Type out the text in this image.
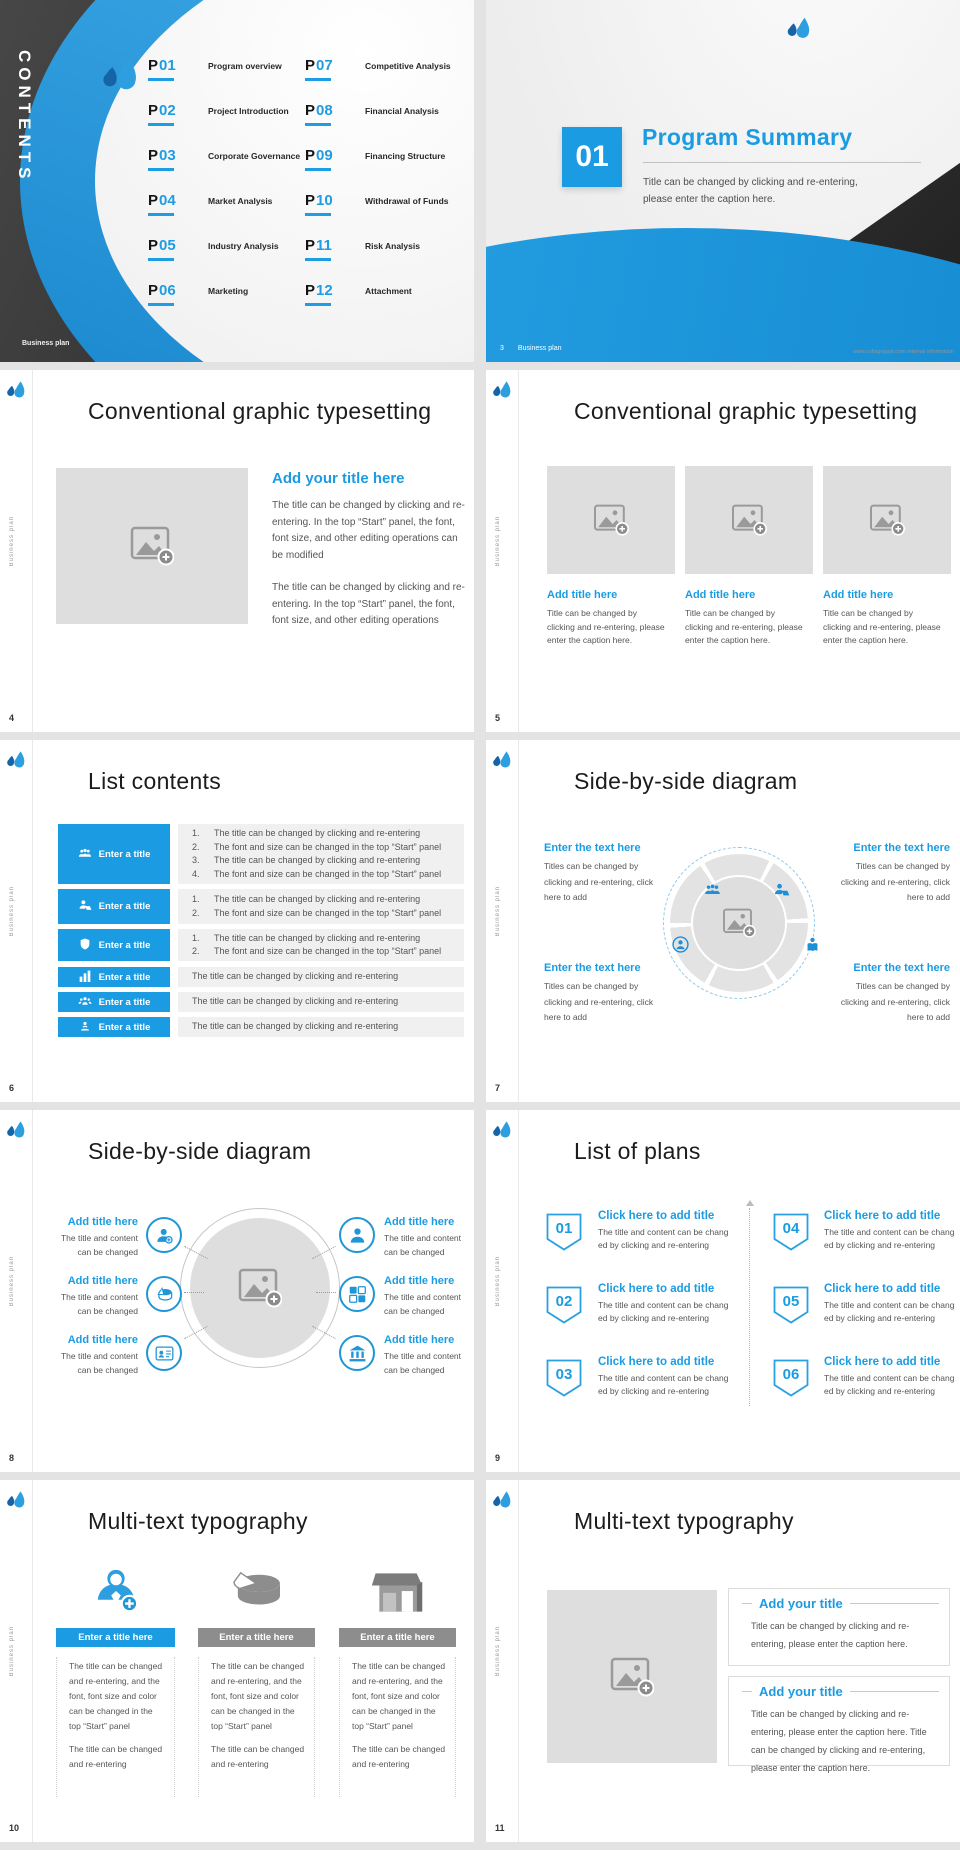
CONTENTS	P 01	Program overview
P 02	Project Introduction
P 03	Corporate Governance
P 04	Market Analysis
P 05	Industry Analysis
P 06	Marketing
P 07	Competitive Analysis
P 08	Financial Analysis
P 09	Financing Structure
P 10	Withdrawal of Funds
P 11	Risk Analysis
P 12	Attachment
Business plan
01
Program Summary
Title can be changed by clicking and re-entering,
please enter the caption here.
3 Business plan	www.collagegypt.com internal information
Business plan
Conventional graphic typesetting
Add your title here

The title can be changed by clicking and re-entering. In the top “Start” panel, the font, font size, and other editing operations can be modified

The title can be changed by clicking and re-entering. In the top “Start” panel, the font, font size, and other editing operations

4
Business plan
Conventional graphic typesetting
Add title here
Title can be changed by clicking and re-entering, please enter the caption here.
Add title here
Title can be changed by clicking and re-entering, please enter the caption here.
Add title here
Title can be changed by clicking and re-entering, please enter the caption here.
5
Business plan
List contents
Enter a title
1.	The title can be changed by clicking and re-entering
2.	The font and size can be changed in the top “Start” panel
3.	The title can be changed by clicking and re-entering
4.	The font and size can be changed in the top “Start” panel
Enter a title
1.	The title can be changed by clicking and re-entering
2.	The font and size can be changed in the top “Start” panel
Enter a title
1.	The title can be changed by clicking and re-entering
2.	The font and size can be changed in the top “Start” panel
Enter a title	The title can be changed by clicking and re-entering
Enter a title	The title can be changed by clicking and re-entering
Enter a title	The title can be changed by clicking and re-entering
6
Business plan
Side-by-side diagram
Enter the text here

Titles can be changed by clicking and re-entering, click here to add

Enter the text here

Titles can be changed by clicking and re-entering, click here to add

Enter the text here

Titles can be changed by clicking and re-entering, click here to add

Enter the text here

Titles can be changed by clicking and re-entering, click here to add

7
Business plan
Side-by-side diagram
Add title here

The title and content
can be changed

Add title here

The title and content
can be changed

Add title here

The title and content
can be changed

Add title here

The title and content
can be changed

Add title here

The title and content
can be changed

Add title here

The title and content
can be changed

8
Business plan
List of plans
01
Click here to add title

The title and content can be chang
ed by clicking and re-entering

02
Click here to add title

The title and content can be chang
ed by clicking and re-entering

03
Click here to add title

The title and content can be chang
ed by clicking and re-entering

04
Click here to add title

The title and content can be chang
ed by clicking and re-entering

05
Click here to add title

The title and content can be chang
ed by clicking and re-entering

06
Click here to add title

The title and content can be chang
ed by clicking and re-entering

9
Business plan
Multi-text typography
Enter a title here
The title can be changed
and re-entering, and the
font, font size and color
can be changed in the
top “Start” panel
The title can be changed
and re-entering
Enter a title here
The title can be changed
and re-entering, and the
font, font size and color
can be changed in the
top “Start” panel
The title can be changed
and re-entering
Enter a title here
The title can be changed
and re-entering, and the
font, font size and color
can be changed in the
top “Start” panel
The title can be changed
and re-entering
10
Business plan
Multi-text typography
Add your title
Title can be changed by clicking and re-entering, please enter the caption here.
Add your title
Title can be changed by clicking and re-entering, please enter the caption here. Title can be changed by clicking and re-entering, please enter the caption here.
11
